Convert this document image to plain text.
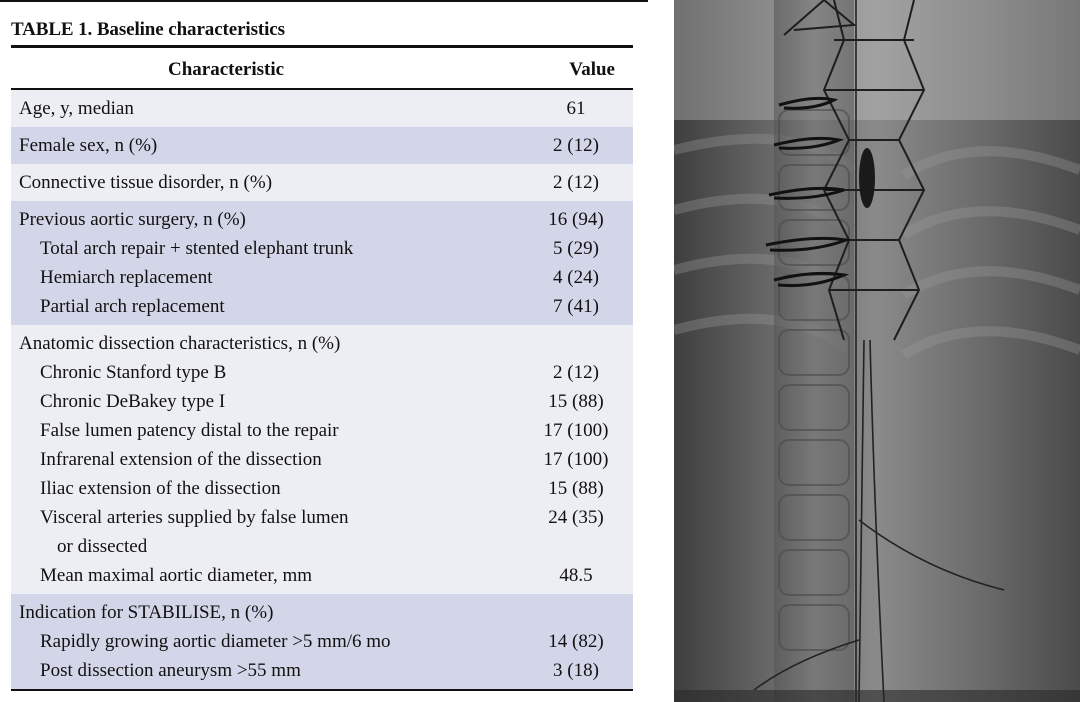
TABLE 1. Baseline characteristics
Characteristic	Value
Age, y, median	61
Female sex, n (%)	2 (12)
Connective tissue disorder, n (%)	2 (12)
Previous aortic surgery, n (%)	16 (94)
Total arch repair + stented elephant trunk	5 (29)
Hemiarch replacement	4 (24)
Partial arch replacement	7 (41)
Anatomic dissection characteristics, n (%)
Chronic Stanford type B	2 (12)
Chronic DeBakey type I	15 (88)
False lumen patency distal to the repair	17 (100)
Infrarenal extension of the dissection	17 (100)
Iliac extension of the dissection	15 (88)
Visceral arteries supplied by false lumen	24 (35)
or dissected
Mean maximal aortic diameter, mm	48.5
Indication for STABILISE, n (%)
Rapidly growing aortic diameter >5 mm/6 mo	14 (82)
Post dissection aneurysm >55 mm	3 (18)
